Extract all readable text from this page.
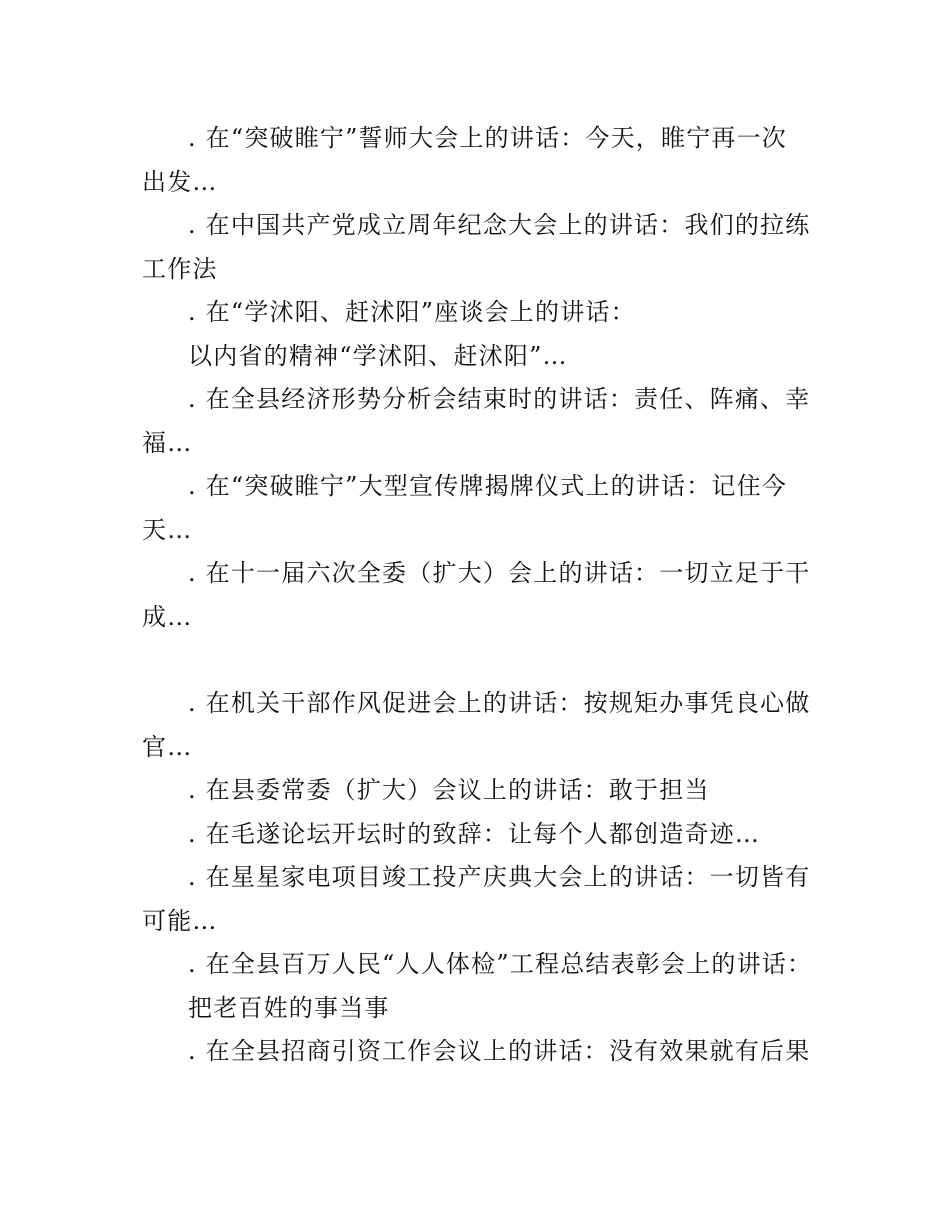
. 在“突破睢宁”誓师大会上的讲话：今天，睢宁再一次
出发…
. 在中国共产党成立周年纪念大会上的讲话：我们的拉练
工作法
. 在“学沭阳、赶沭阳”座谈会上的讲话：
以内省的精神“学沭阳、赶沭阳”…
. 在全县经济形势分析会结束时的讲话：责任、阵痛、幸
福…
. 在“突破睢宁”大型宣传牌揭牌仪式上的讲话：记住今
天…
. 在十一届六次全委（扩大）会上的讲话：一切立足于干
成…
. 在机关干部作风促进会上的讲话：按规矩办事凭良心做
官…
. 在县委常委（扩大）会议上的讲话：敢于担当
. 在毛遂论坛开坛时的致辞：让每个人都创造奇迹…
. 在星星家电项目竣工投产庆典大会上的讲话：一切皆有
可能…
. 在全县百万人民“人人体检”工程总结表彰会上的讲话：
把老百姓的事当事
. 在全县招商引资工作会议上的讲话：没有效果就有后果
